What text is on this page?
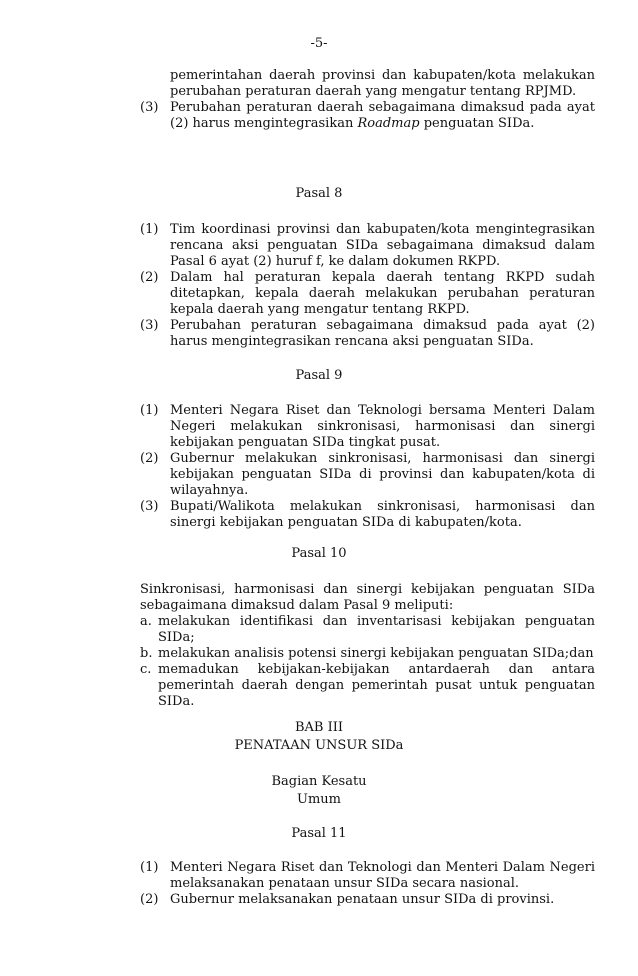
-5-
pemerintahan daerah provinsi dan kabupaten/kota melakukan perubahan peraturan daerah yang mengatur tentang RPJMD.
(3) Perubahan peraturan daerah sebagaimana dimaksud pada ayat (2) harus mengintegrasikan Roadmap penguatan SIDa.
Pasal 8
(1) Tim koordinasi provinsi dan kabupaten/kota mengintegrasikan rencana aksi penguatan SIDa sebagaimana dimaksud dalam Pasal 6 ayat (2) huruf f, ke dalam dokumen RKPD.
(2) Dalam hal peraturan kepala daerah tentang RKPD sudah ditetapkan, kepala daerah melakukan perubahan peraturan kepala daerah yang mengatur tentang RKPD.
(3) Perubahan peraturan sebagaimana dimaksud pada ayat (2) harus mengintegrasikan rencana aksi penguatan SIDa.
Pasal 9
(1) Menteri Negara Riset dan Teknologi bersama Menteri Dalam Negeri melakukan sinkronisasi, harmonisasi dan sinergi kebijakan penguatan SIDa tingkat pusat.
(2) Gubernur melakukan sinkronisasi, harmonisasi dan sinergi kebijakan penguatan SIDa di provinsi dan kabupaten/kota di wilayahnya.
(3) Bupati/Walikota melakukan sinkronisasi, harmonisasi dan sinergi kebijakan penguatan SIDa di kabupaten/kota.
Pasal 10
Sinkronisasi, harmonisasi dan sinergi kebijakan penguatan SIDa sebagaimana dimaksud dalam Pasal 9 meliputi:
a. melakukan identifikasi dan inventarisasi kebijakan penguatan SIDa;
b. melakukan analisis potensi sinergi kebijakan penguatan SIDa;dan
c. memadukan kebijakan-kebijakan antardaerah dan antara pemerintah daerah dengan pemerintah pusat untuk penguatan SIDa.
BAB III
PENATAAN UNSUR SIDa
Bagian Kesatu
Umum
Pasal 11
(1) Menteri Negara Riset dan Teknologi dan Menteri Dalam Negeri melaksanakan penataan unsur SIDa secara nasional.
(2) Gubernur melaksanakan penataan unsur SIDa di provinsi.
